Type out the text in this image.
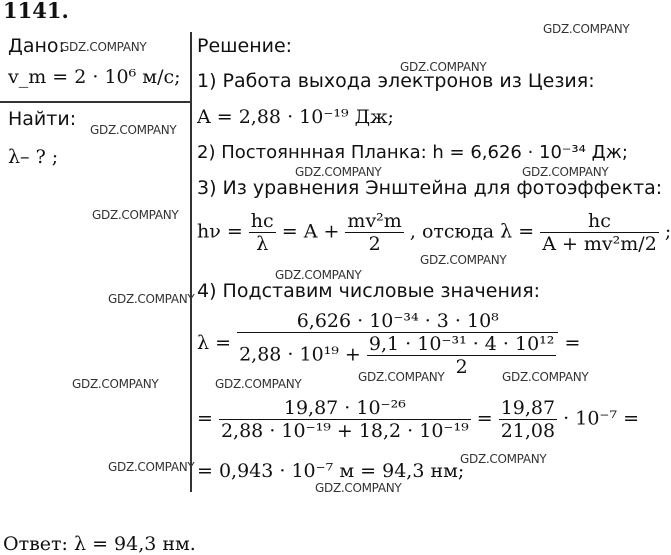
1141.
Дано:
v_m = 2 · 10⁶ м/с;
Найти:
λ– ? ;
Решение:
1) Работа выхода электронов из Цезия:
A = 2,88 · 10⁻¹⁹ Дж;
2) Постояннная Планка: h = 6,626 · 10⁻³⁴ Дж;
3) Из уравнения Энштейна для фотоэффекта:
$h\nu = \frac{hc}{\lambda} = A + \frac{\text{mv²m}}{2}$ , отсюда $\lambda = \frac{hc}{\text{A + mv²m/2}}$ ;
4) Подставим числовые значения:
λ =
6,626 · 10⁻³⁴ · 3 · 10⁸
$2,88 \cdot 10^{19} + \frac{\text{9,1 · 10⁻³¹ · 4 · 10¹²}}{2}$ =
= $\frac{\text{19,87 · 10⁻²⁶}}{\text{2,88 · 10⁻¹⁹ + 18,2 · 10⁻¹⁹}} = \frac{19,87}{21,08} \cdot 10^{-7}$ =
= 0,943 · 10⁻⁷ м = 94,3 нм;
Ответ: λ = 94,3 нм.
GDZ.COMPANY
GDZ.COMPANY
GDZ.COMPANY
GDZ.COMPANY
GDZ.COMPANY	GDZ.COMPANY
GDZ.COMPANY
GDZ.COMPANY
GDZ.COMPANY
GDZ.COMPANY
GDZ.COMPANY	GDZ.COMPANY
GDZ.COMPANY	GDZ.COMPANY
GDZ.COMPANY
GDZ.COMPANY
GDZ.COMPANY
